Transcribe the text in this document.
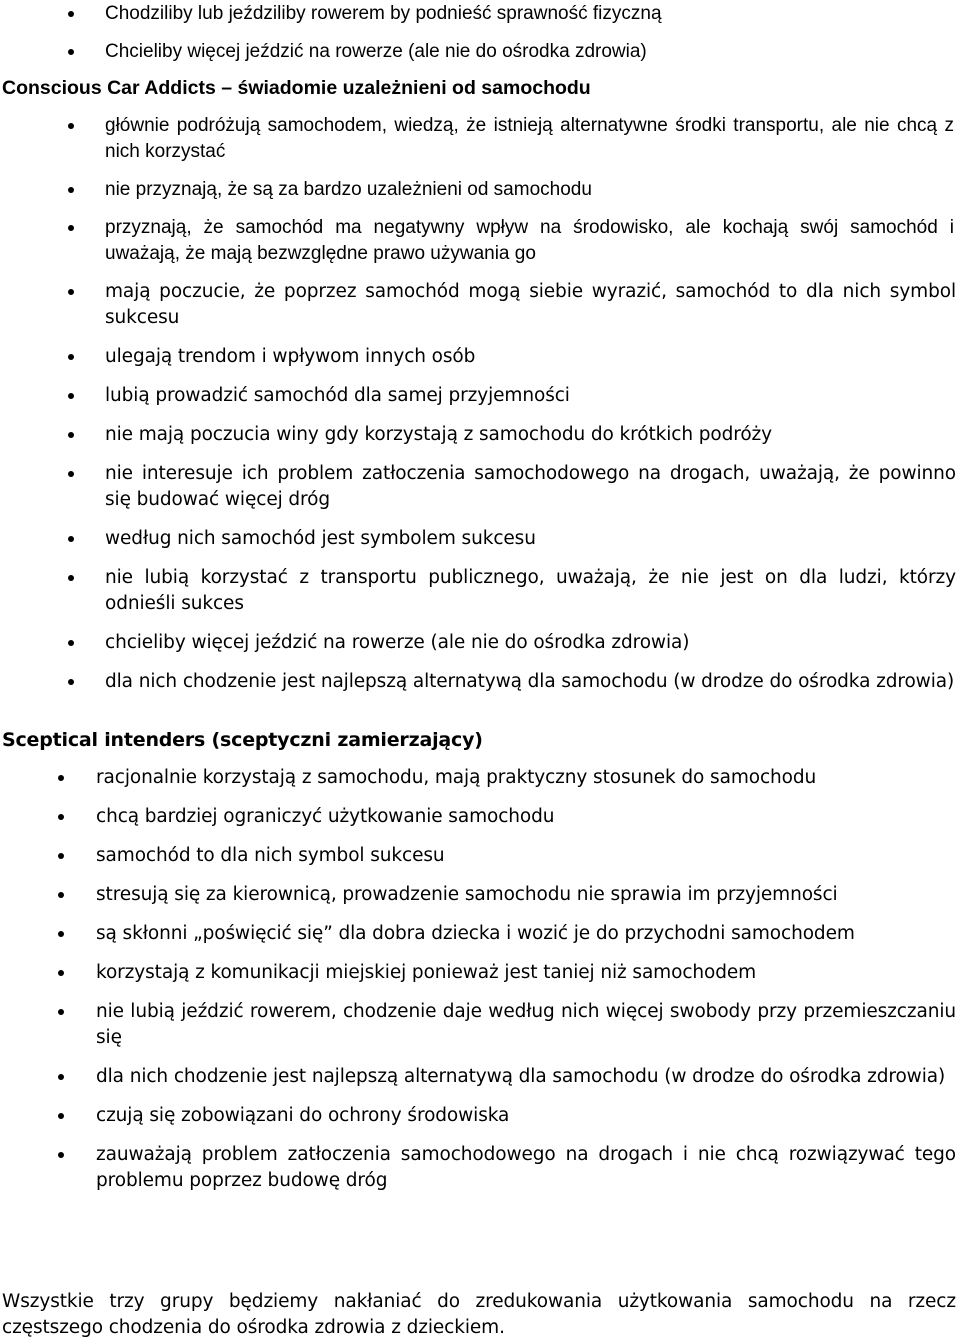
Chodziliby lub jeździliby rowerem by podnieść sprawność fizyczną
Chcieliby więcej jeździć na rowerze (ale nie do ośrodka zdrowia)
Conscious Car Addicts – świadomie uzależnieni od samochodu
głównie podróżują samochodem, wiedzą, że istnieją alternatywne środki transportu, ale nie chcą z nich korzystać
nie przyznają, że są za bardzo uzależnieni od samochodu
przyznają, że samochód ma negatywny wpływ na środowisko, ale kochają swój samochód i uważają, że mają bezwzględne prawo używania go
mają poczucie, że poprzez samochód mogą siebie wyrazić, samochód to dla nich symbol sukcesu
ulegają trendom i wpływom innych osób
lubią prowadzić samochód dla samej przyjemności
nie mają poczucia winy gdy korzystają z samochodu do krótkich podróży
nie interesuje ich problem zatłoczenia samochodowego na drogach, uważają, że powinno się budować więcej dróg
według nich samochód jest symbolem sukcesu
nie lubią korzystać z transportu publicznego, uważają, że nie jest on dla ludzi, którzy odnieśli sukces
chcieliby więcej jeździć na rowerze (ale nie do ośrodka zdrowia)
dla nich chodzenie jest najlepszą alternatywą dla samochodu (w drodze do ośrodka zdrowia)
Sceptical intenders (sceptyczni zamierzający)
racjonalnie korzystają z samochodu, mają praktyczny stosunek do samochodu
chcą bardziej ograniczyć użytkowanie samochodu
samochód to dla nich symbol sukcesu
stresują się za kierownicą, prowadzenie samochodu nie sprawia im przyjemności
są skłonni „poświęcić się” dla dobra dziecka i wozić je do przychodni samochodem
korzystają z komunikacji miejskiej ponieważ jest taniej niż samochodem
nie lubią jeździć rowerem, chodzenie daje według nich więcej swobody przy przemieszczaniu się
dla nich chodzenie jest najlepszą alternatywą dla samochodu (w drodze do ośrodka zdrowia)
czują się zobowiązani do ochrony środowiska
zauważają problem zatłoczenia samochodowego na drogach i nie chcą rozwiązywać tego problemu poprzez budowę dróg

Wszystkie trzy grupy będziemy nakłaniać do zredukowania użytkowania samochodu na rzecz częstszego chodzenia do ośrodka zdrowia z dzieckiem.
